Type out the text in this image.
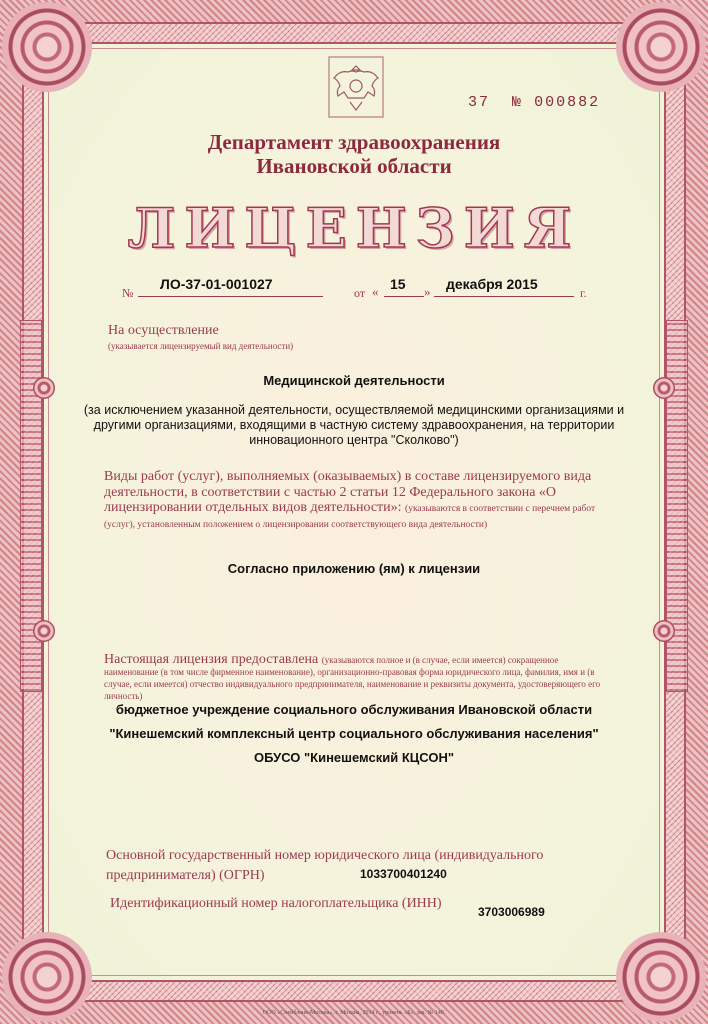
37 № 000882
Департамент здравоохранения
Ивановской области
ЛИЦЕНЗИЯ
№
ЛО-37-01-001027
от « 15 » декабря 2015
г.
На осуществление
(указывается лицензируемый вид деятельности)
Медицинской деятельности
(за исключением указанной деятельности, осуществляемой медицинскими организациями и другими организациями, входящими в частную систему здравоохранения, на территории инновационного центра "Сколково")
Виды работ (услуг), выполняемых (оказываемых) в составе лицензируемого вида деятельности, в соответствии с частью 2 статьи 12 Федерального закона «О лицензировании отдельных видов деятельности»: (указываются в соответствии с перечнем работ (услуг), установленным положением о лицензировании соответствующего вида деятельности)
Согласно приложению (ям) к лицензии
Настоящая лицензия предоставлена (указываются полное и (в случае, если имеется) сокращенное наименование (в том числе фирменное наименование), организационно-правовая форма юридического лица, фамилия, имя и (в случае, если имеется) отчество индивидуального предпринимателя, наименование и реквизиты документа, удостоверяющего его личность)
бюджетное учреждение социального обслуживания Ивановской области
"Кинешемский комплексный центр социального обслуживания населения"
ОБУСО "Кинешемский КЦСОН"
Основной государственный номер юридического лица (индивидуального
предпринимателя) (ОГРН)	1033700401240
Идентификационный номер налогоплательщика (ИНН)
3703006989
ООО «Спейбланк-Москва», г. Москва, 2014 г., уровень «Б», зак. № 140.
